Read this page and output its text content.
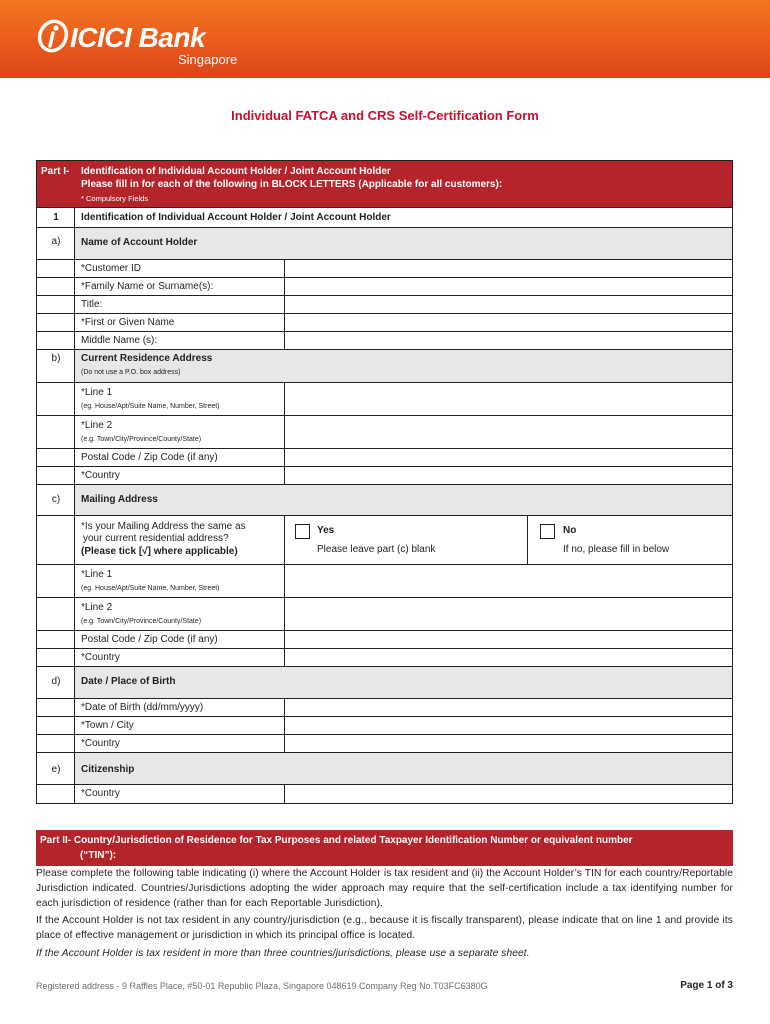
ICICI Bank
Singapore
Individual FATCA and CRS Self-Certification Form
Part I- Identification of Individual Account Holder / Joint Account Holder
Please fill in for each of the following in BLOCK LETTERS (Applicable for all customers):
* Compulsory Fields
1	Identification of Individual Account Holder / Joint Account Holder
a)	Name of Account Holder
*Customer ID
*Family Name or Surname(s):
Title:
*First or Given Name
Middle Name (s):
b)	Current Residence Address
(Do not use a P.O. box address)
*Line 1
(eg. House/Apt/Suite Name, Number, Street)
*Line 2
(e.g. Town/City/Province/County/State)
Postal Code / Zip Code (if any)
*Country
c)	Mailing Address
*Is your Mailing Address the same as
your current residential address?
(Please tick [√] where applicable)
Yes
Please leave part (c) blank
No
If no, please fill in below
*Line 1
(eg. House/Apt/Suite Name, Number, Street)
*Line 2
(e.g. Town/City/Province/County/State)
Postal Code / Zip Code (if any)
*Country
d)	Date / Place of Birth
*Date of Birth (dd/mm/yyyy)
*Town / City
*Country
e)	Citizenship
*Country
Part II- Country/Jurisdiction of Residence for Tax Purposes and related Taxpayer Identification Number or equivalent number
(“TIN”):

Please complete the following table indicating (i) where the Account Holder is tax resident and (ii) the Account Holder’s TIN for each country/Reportable Jurisdiction indicated. Countries/Jurisdictions adopting the wider approach may require that the self-certification include a tax identifying number for each jurisdiction of residence (rather than for each Reportable Jurisdiction).

If the Account Holder is not tax resident in any country/jurisdiction (e.g., because it is fiscally transparent), please indicate that on line 1 and provide its place of effective management or jurisdiction in which its principal office is located.

If the Account Holder is tax resident in more than three countries/jurisdictions, please use a separate sheet.

Registered address - 9 Raffles Place, #50-01 Republic Plaza, Singapore 048619 Company Reg No.T03FC6380G	Page 1 of 3
